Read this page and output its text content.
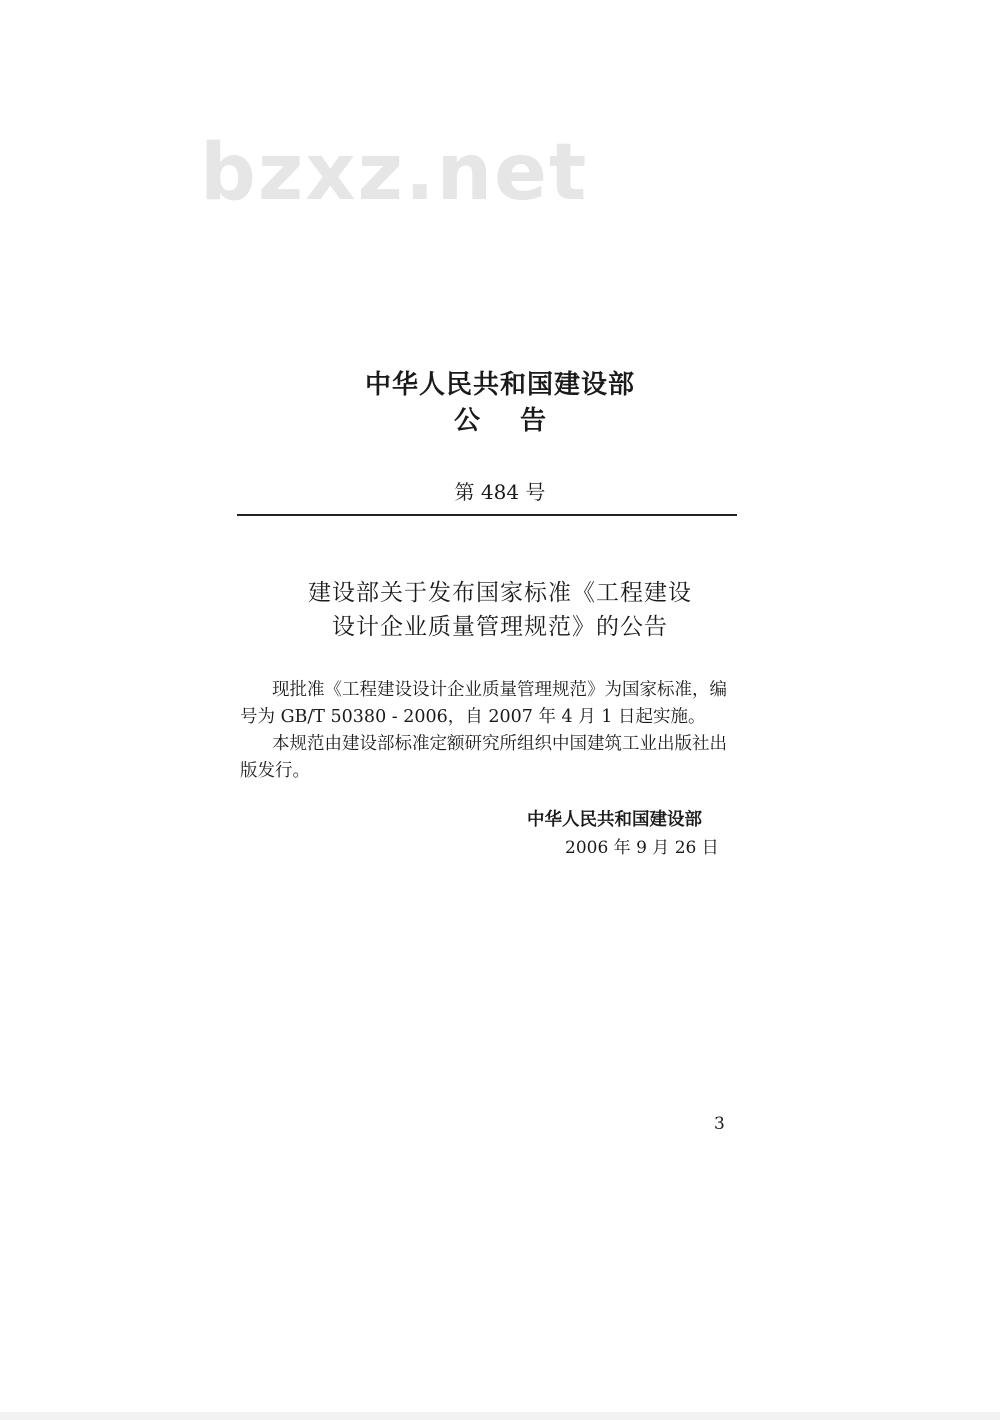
bzxz.net
中华人民共和国建设部
公告
第 484 号
建设部关于发布国家标准《工程建设
设计企业质量管理规范》的公告
现批准《工程建设设计企业质量管理规范》为国家标准，编
号为 GB/T 50380 - 2006，自 2007 年 4 月 1 日起实施。
本规范由建设部标准定额研究所组织中国建筑工业出版社出
版发行。
中华人民共和国建设部
2006 年 9 月 26 日
3
